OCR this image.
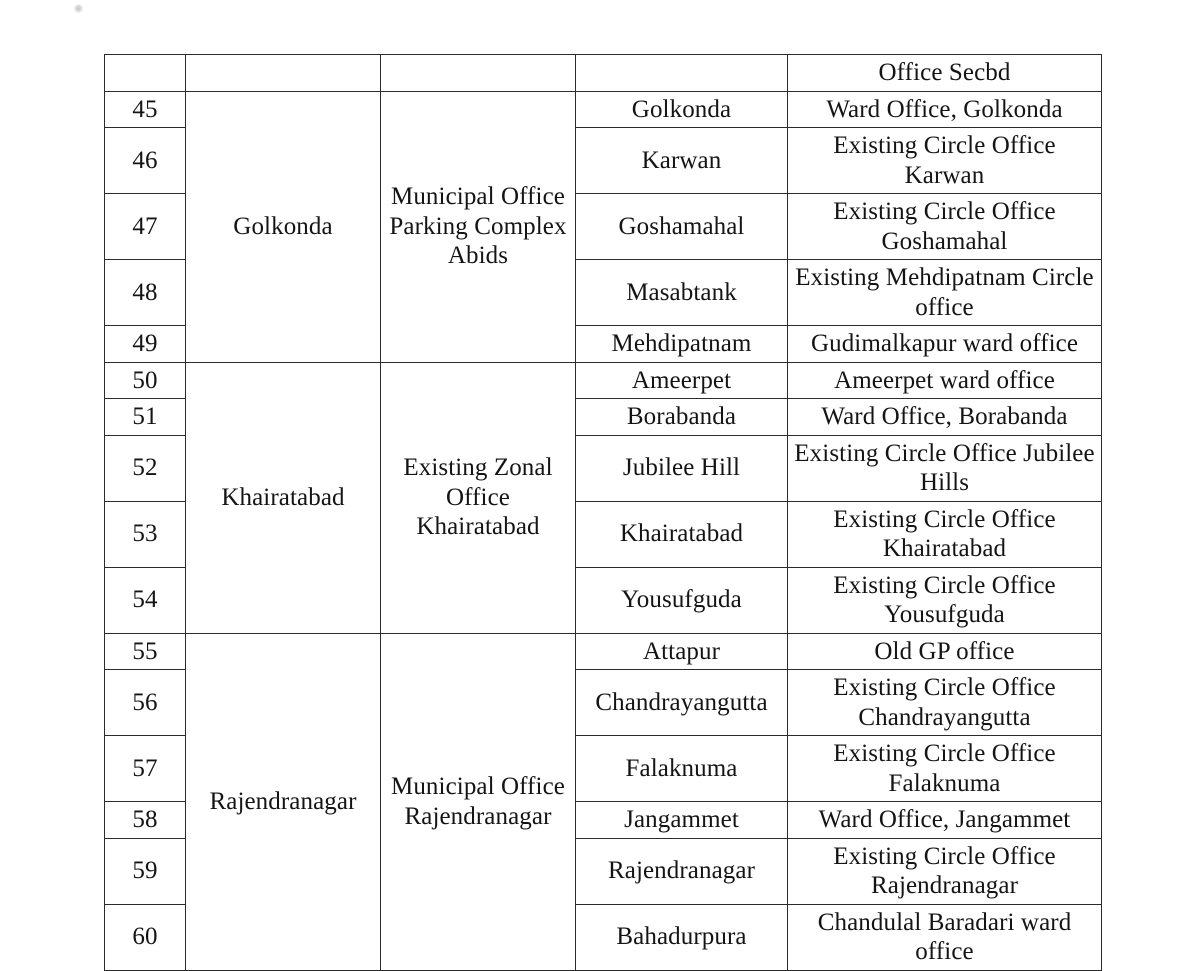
				Office Secbd
45	Golkonda	Municipal Office Parking Complex Abids	Golkonda	Ward Office, Golkonda
46			Karwan	Existing Circle Office Karwan
47			Goshamahal	Existing Circle Office Goshamahal
48			Masabtank	Existing Mehdipatnam Circle office
49			Mehdipatnam	Gudimalkapur ward office
50	Khairatabad	Existing Zonal Office Khairatabad	Ameerpet	Ameerpet ward office
51			Borabanda	Ward Office, Borabanda
52			Jubilee Hill	Existing Circle Office Jubilee Hills
53			Khairatabad	Existing Circle Office Khairatabad
54			Yousufguda	Existing Circle Office Yousufguda
55	Rajendranagar	Municipal Office Rajendranagar	Attapur	Old GP office
56			Chandrayangutta	Existing Circle Office Chandrayangutta
57			Falaknuma	Existing Circle Office Falaknuma
58			Jangammet	Ward Office, Jangammet
59			Rajendranagar	Existing Circle Office Rajendranagar
60			Bahadurpura	Chandulal Baradari ward office
